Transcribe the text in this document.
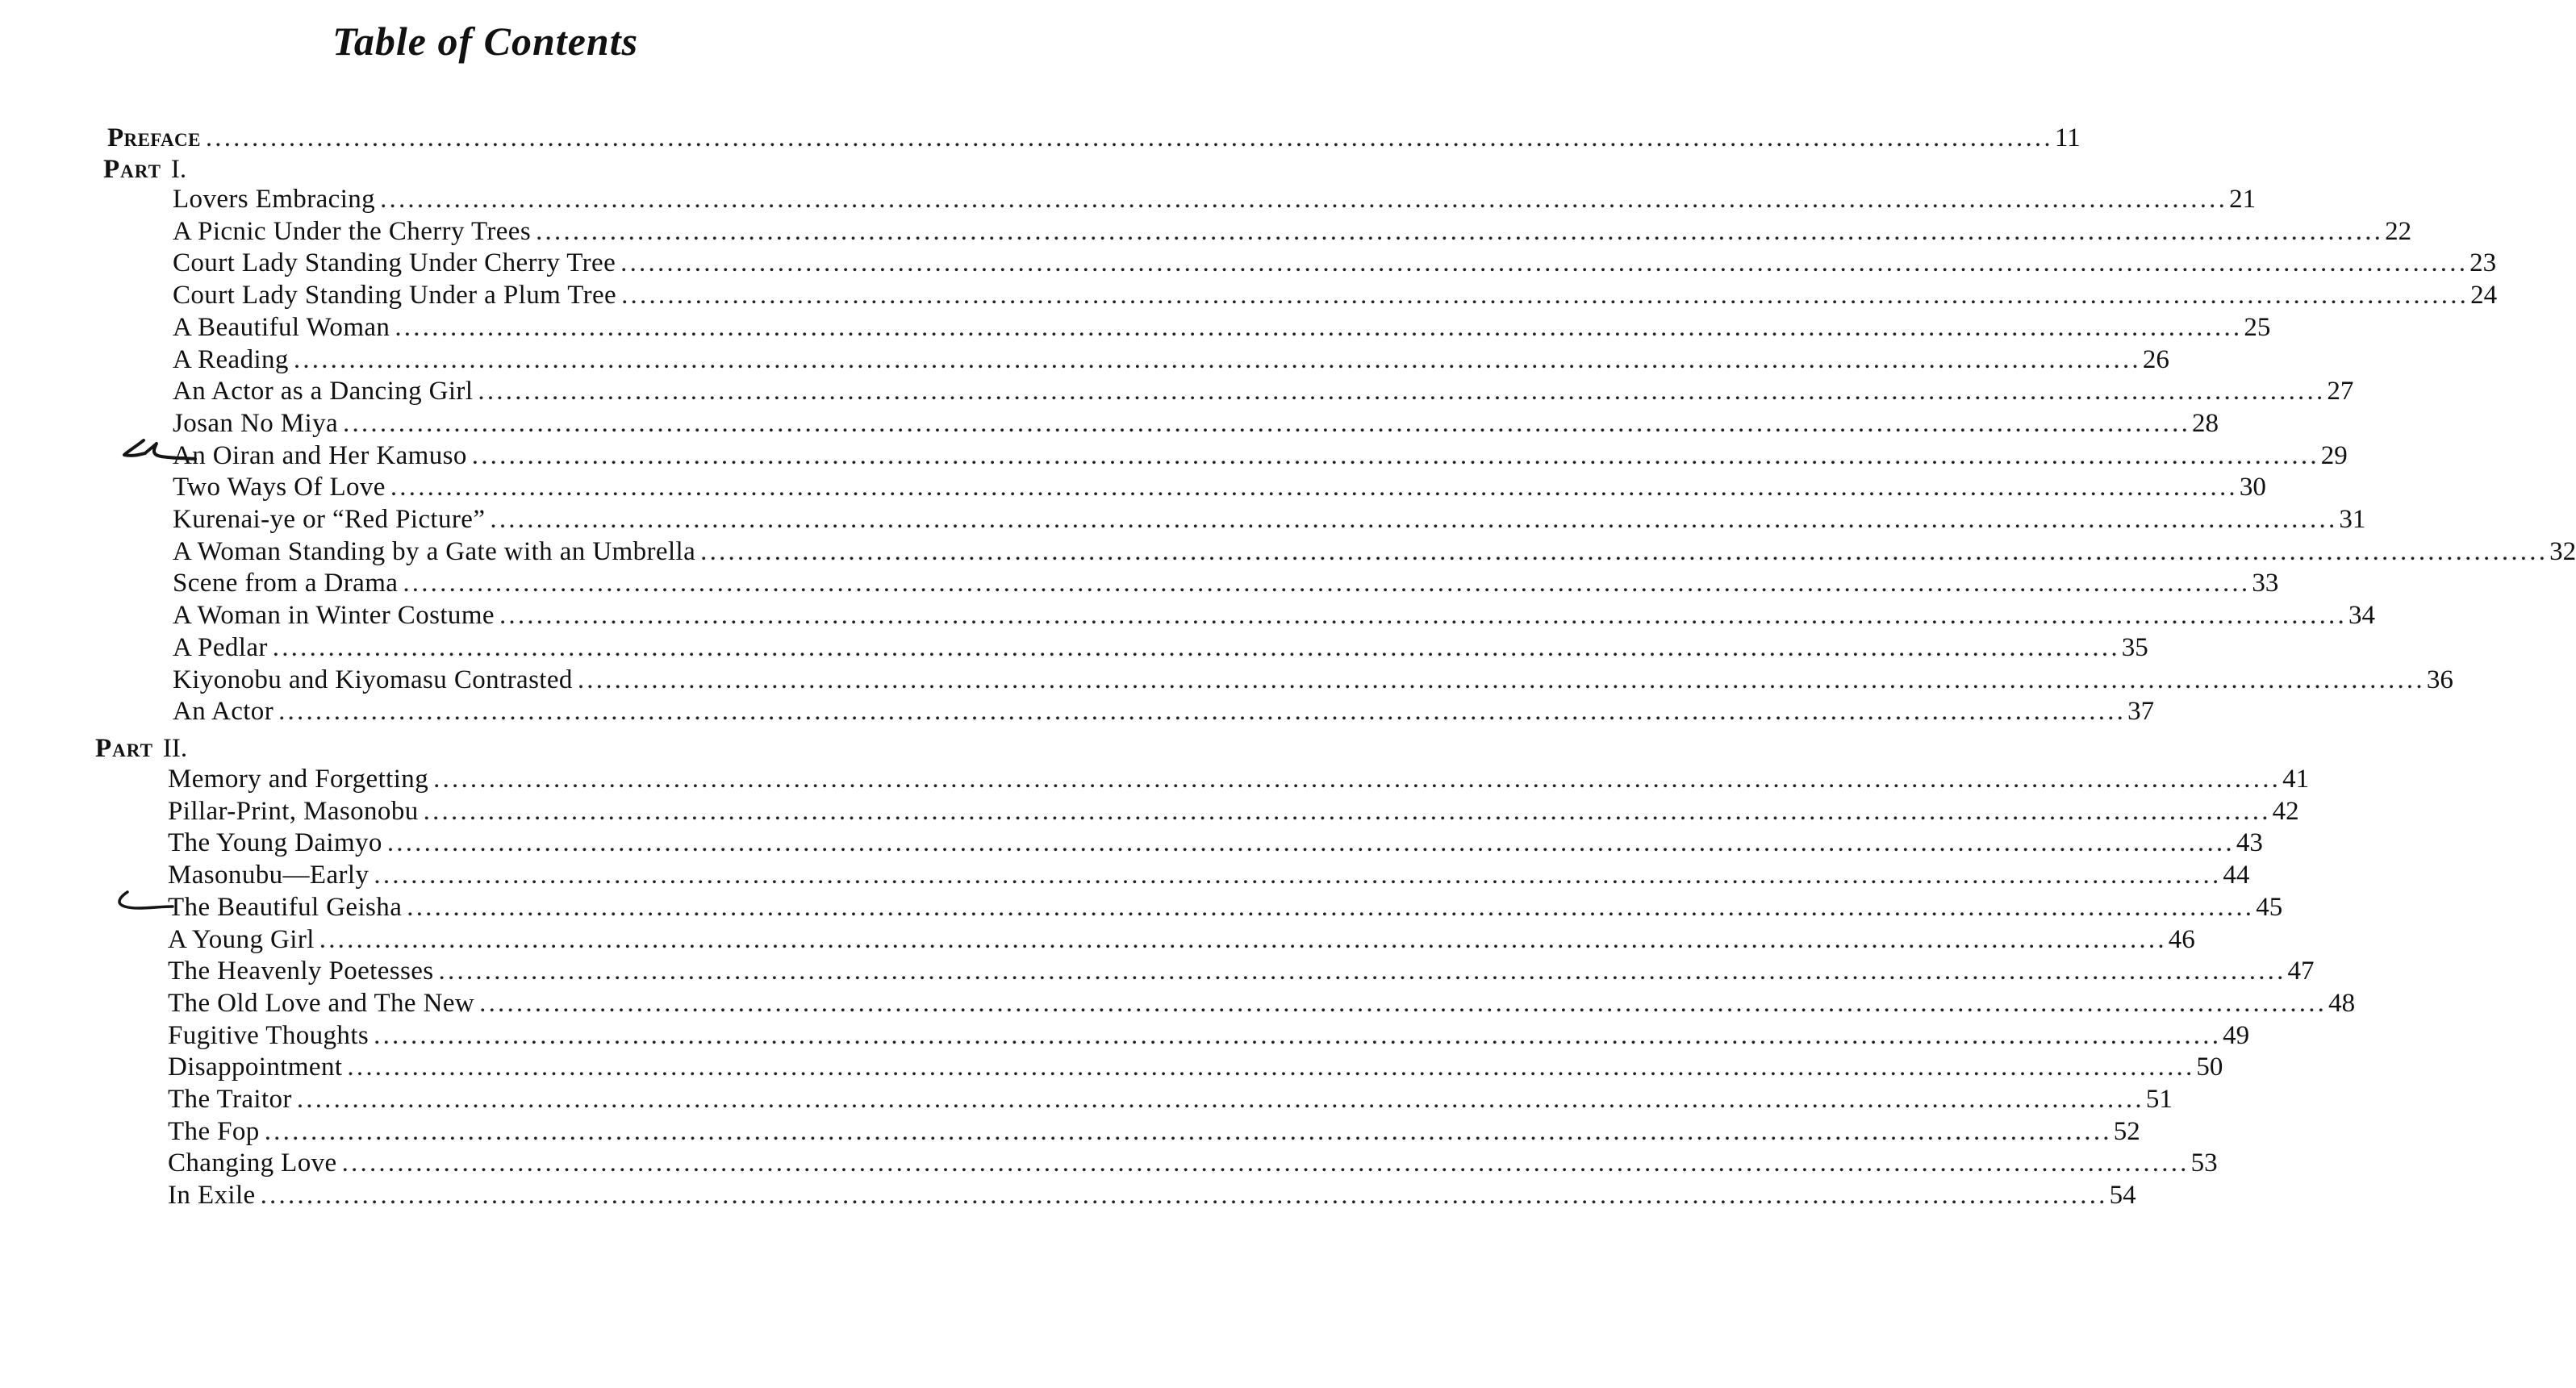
Table of Contents
Preface ........................................................................................................................................................................................................ 11
Part I.
Lovers Embracing ........................................................................................................................................................................................................ 21
A Picnic Under the Cherry Trees ........................................................................................................................................................................................................ 22
Court Lady Standing Under Cherry Tree ........................................................................................................................................................................................................ 23
Court Lady Standing Under a Plum Tree ........................................................................................................................................................................................................ 24
A Beautiful Woman ........................................................................................................................................................................................................ 25
A Reading ........................................................................................................................................................................................................ 26
An Actor as a Dancing Girl ........................................................................................................................................................................................................ 27
Josan No Miya ........................................................................................................................................................................................................ 28
An Oiran and Her Kamuso ........................................................................................................................................................................................................ 29
Two Ways Of Love ........................................................................................................................................................................................................ 30
Kurenai-ye or “Red Picture” ........................................................................................................................................................................................................ 31
A Woman Standing by a Gate with an Umbrella ........................................................................................................................................................................................................ 32
Scene from a Drama ........................................................................................................................................................................................................ 33
A Woman in Winter Costume ........................................................................................................................................................................................................ 34
A Pedlar ........................................................................................................................................................................................................ 35
Kiyonobu and Kiyomasu Contrasted ........................................................................................................................................................................................................ 36
An Actor ........................................................................................................................................................................................................ 37
Part II.
Memory and Forgetting ........................................................................................................................................................................................................ 41
Pillar-Print, Masonobu ........................................................................................................................................................................................................ 42
The Young Daimyo ........................................................................................................................................................................................................ 43
Masonubu—Early ........................................................................................................................................................................................................ 44
The Beautiful Geisha ........................................................................................................................................................................................................ 45
A Young Girl ........................................................................................................................................................................................................ 46
The Heavenly Poetesses ........................................................................................................................................................................................................ 47
The Old Love and The New ........................................................................................................................................................................................................ 48
Fugitive Thoughts ........................................................................................................................................................................................................ 49
Disappointment ........................................................................................................................................................................................................ 50
The Traitor ........................................................................................................................................................................................................ 51
The Fop ........................................................................................................................................................................................................ 52
Changing Love ........................................................................................................................................................................................................ 53
In Exile ........................................................................................................................................................................................................ 54
